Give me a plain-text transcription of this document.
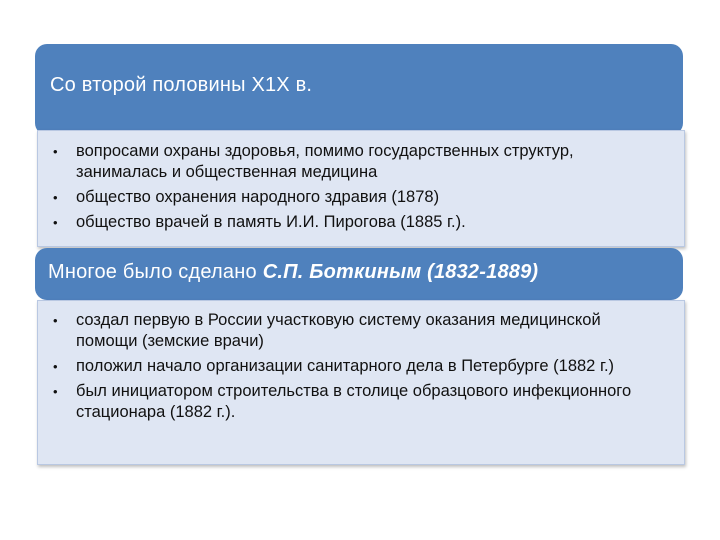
Со второй половины Х1Х в.
• вопросами охраны здоровья, помимо государственных структур, занималась и общественная медицина
• общество охранения народного здравия (1878)
• общество врачей в память И.И. Пирогова (1885 г.).
Многое было сделано С.П. Боткиным (1832-1889)
• создал первую в России участковую систему оказания медицинской помощи (земские врачи)
• положил начало организации санитарного дела в Петербурге (1882 г.)
• был инициатором строительства в столице образцового инфекционного стационара (1882 г.).
